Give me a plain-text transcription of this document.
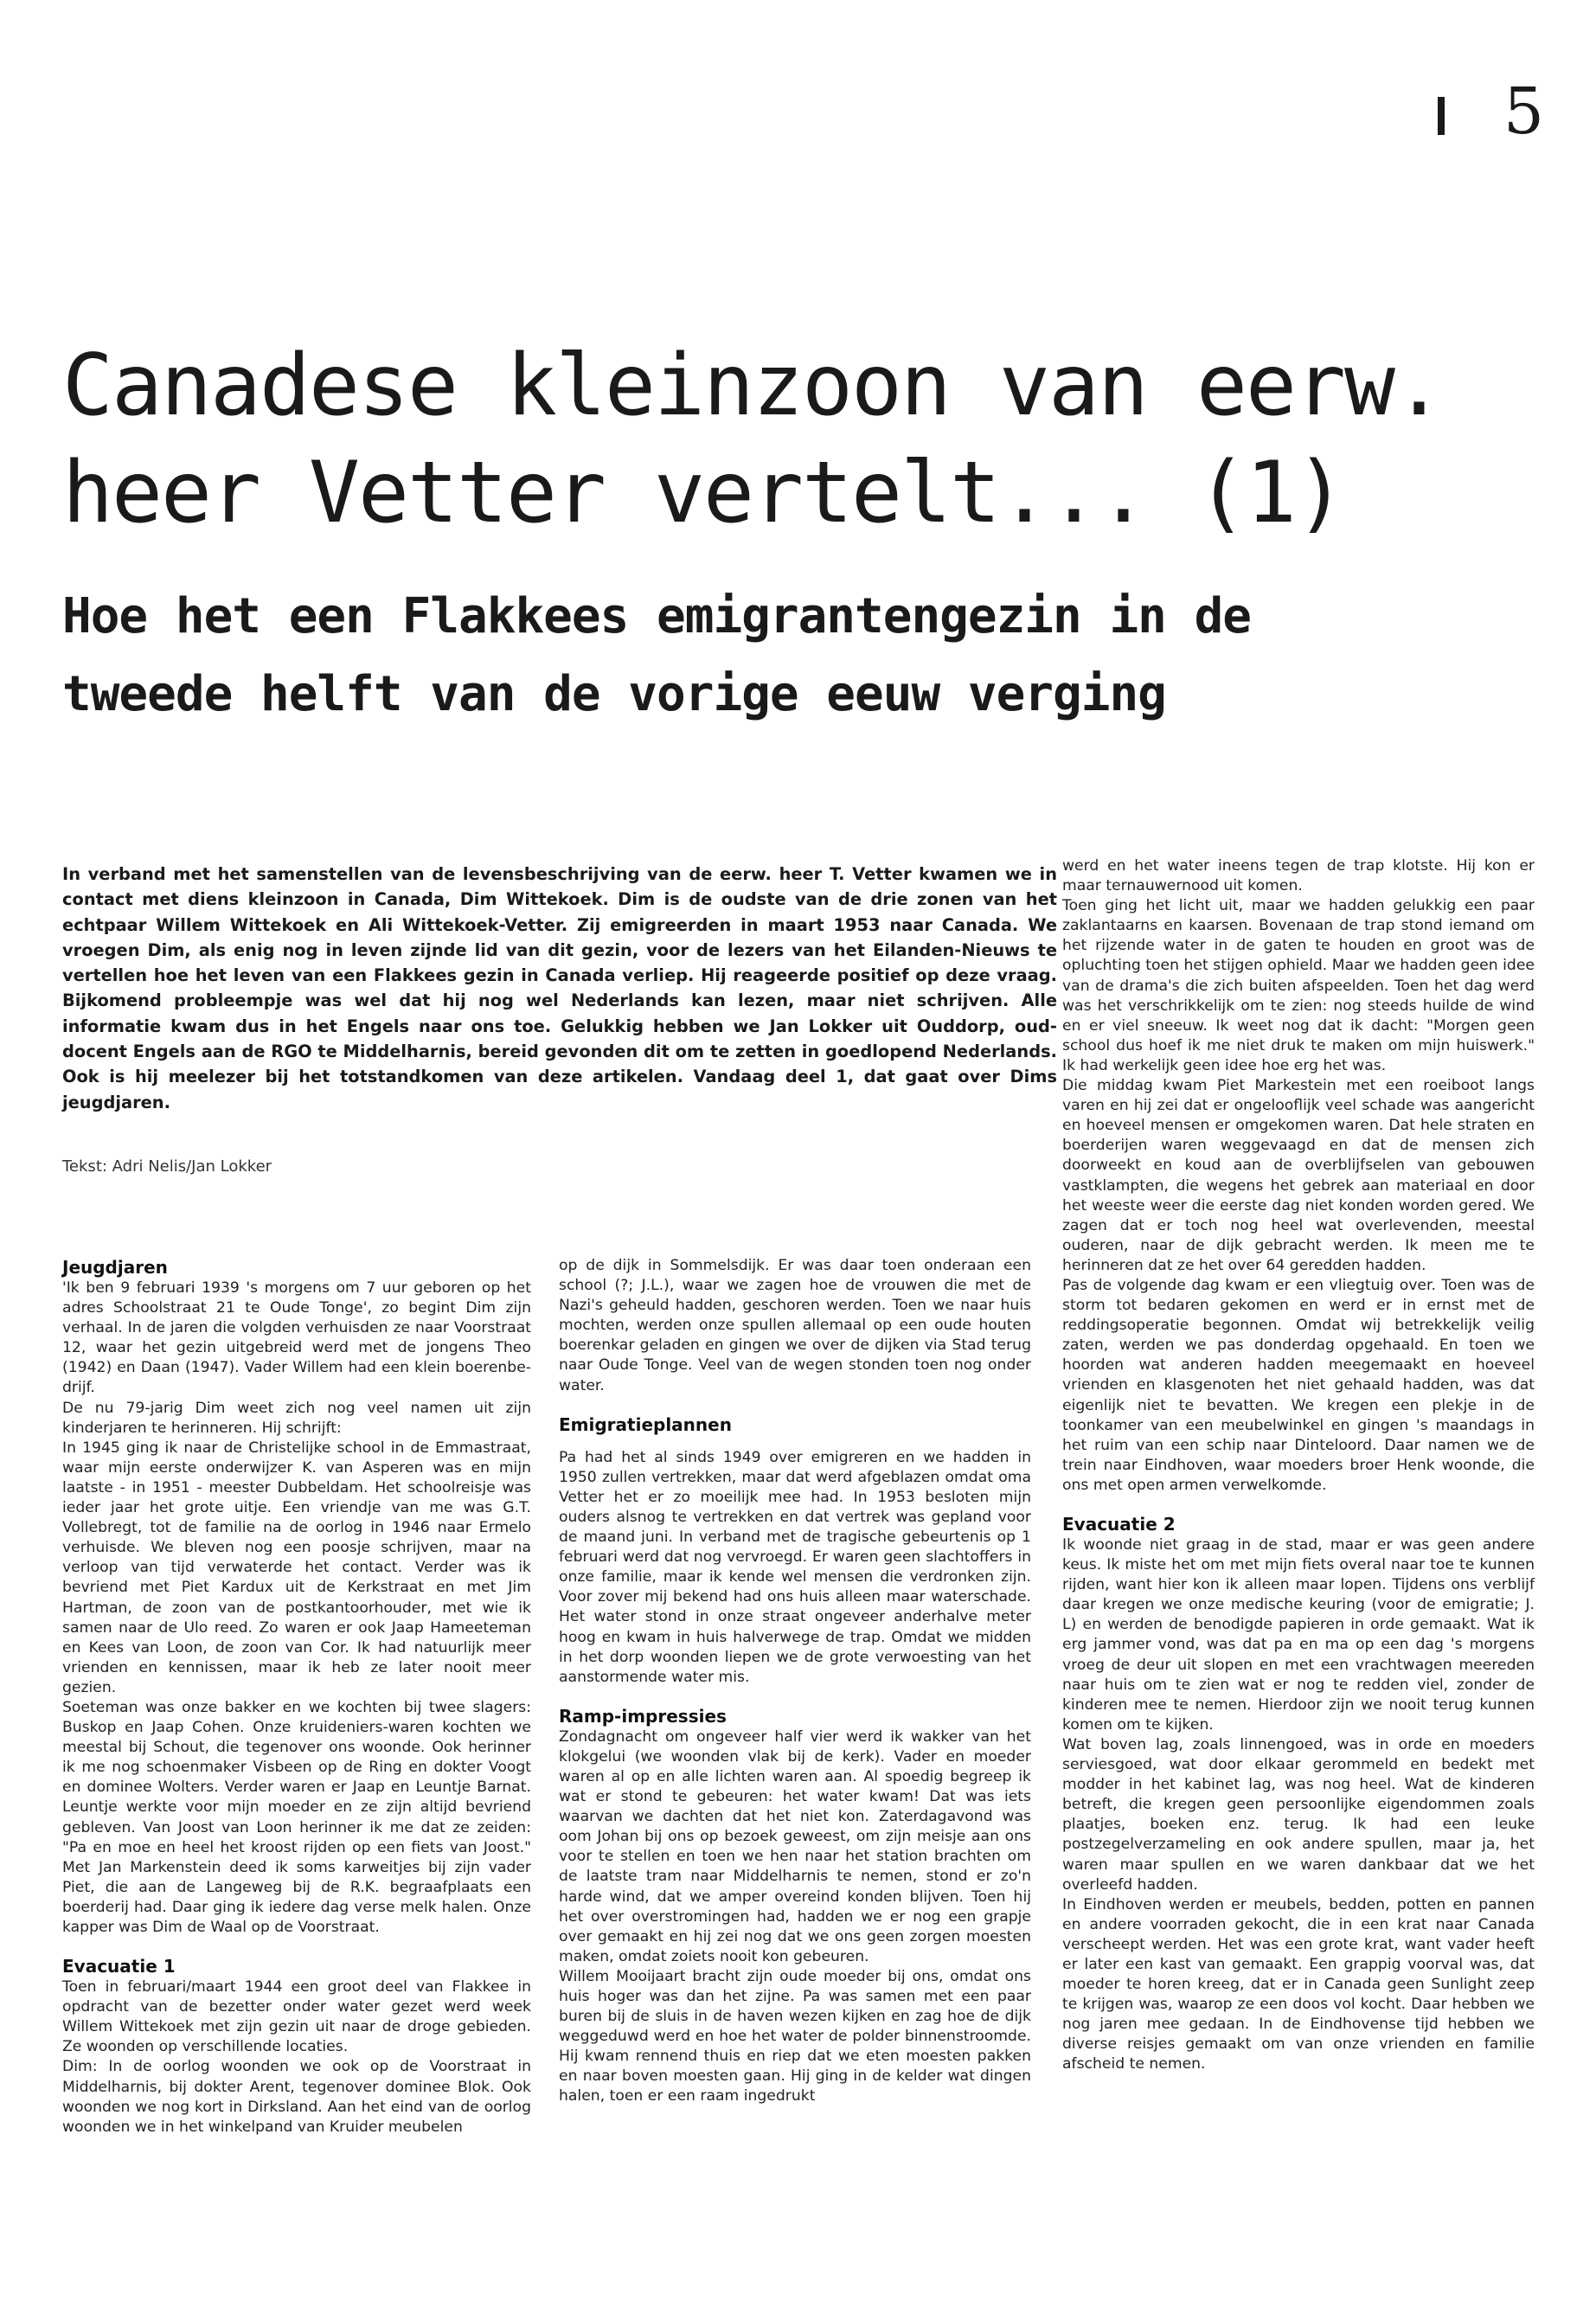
5
Canadese kleinzoon van eerw.
heer Vetter vertelt... (1)
Hoe het een Flakkees emigrantengezin in de
tweede helft van de vorige eeuw verging

In verband met het samenstellen van de levensbeschrijving van de eerw. heer T. Vetter kwamen we in contact met diens kleinzoon in Canada, Dim Wittekoek. Dim is de oudste van de drie zonen van het echtpaar Willem Wittekoek en Ali Wittekoek-Vetter. Zij emigreerden in maart 1953 naar Canada. We vroegen Dim, als enig nog in leven zijnde lid van dit gezin, voor de lezers van het Eilanden-Nieuws te vertellen hoe het leven van een Flakkees gezin in Canada verliep. Hij reageerde positief op deze vraag. Bijkomend probleempje was wel dat hij nog wel Nederlands kan lezen, maar niet schrijven. Alle informatie kwam dus in het Engels naar ons toe. Gelukkig hebben we Jan Lokker uit Ouddorp, oud-docent Engels aan de RGO te Middelharnis, bereid gevonden dit om te zetten in goedlopend Nederlands. Ook is hij meelezer bij het totstandkomen van deze artikelen. Vandaag deel 1, dat gaat over Dims jeugdjaren.

Tekst: Adri Nelis/Jan Lokker
Jeugdjaren

'Ik ben 9 februari 1939 's morgens om 7 uur geboren op het adres Schoolstraat 21 te Oude Tonge', zo begint Dim zijn verhaal. In de jaren die volgden verhuisden ze naar Voorstraat 12, waar het gezin uitgebreid werd met de jongens Theo (1942) en Daan (1947). Vader Willem had een klein boerenbe-drijf.

De nu 79-jarig Dim weet zich nog veel namen uit zijn kinderjaren te herinneren. Hij schrijft:

In 1945 ging ik naar de Christelijke school in de Emmastraat, waar mijn eerste onderwijzer K. van Asperen was en mijn laatste - in 1951 - meester Dubbeldam. Het schoolreisje was ieder jaar het grote uitje. Een vriendje van me was G.T. Vollebregt, tot de familie na de oorlog in 1946 naar Ermelo verhuisde. We bleven nog een poosje schrijven, maar na verloop van tijd verwaterde het contact. Verder was ik bevriend met Piet Kardux uit de Kerkstraat en met Jim Hartman, de zoon van de postkantoorhouder, met wie ik samen naar de Ulo reed. Zo waren er ook Jaap Hameeteman en Kees van Loon, de zoon van Cor. Ik had natuurlijk meer vrienden en kennissen, maar ik heb ze later nooit meer gezien.

Soeteman was onze bakker en we kochten bij twee slagers: Buskop en Jaap Cohen. Onze kruideniers-waren kochten we meestal bij Schout, die tegenover ons woonde. Ook herinner ik me nog schoenmaker Visbeen op de Ring en dokter Voogt en dominee Wolters. Verder waren er Jaap en Leuntje Barnat. Leuntje werkte voor mijn moeder en ze zijn altijd bevriend gebleven. Van Joost van Loon herinner ik me dat ze zeiden: "Pa en moe en heel het kroost rijden op een fiets van Joost." Met Jan Markenstein deed ik soms karweitjes bij zijn vader Piet, die aan de Langeweg bij de R.K. begraafplaats een boerderij had. Daar ging ik iedere dag verse melk halen. Onze kapper was Dim de Waal op de Voorstraat.

Evacuatie 1

Toen in februari/maart 1944 een groot deel van Flakkee in opdracht van de bezetter onder water gezet werd week Willem Wittekoek met zijn gezin uit naar de droge gebieden. Ze woonden op verschillende locaties.

Dim: In de oorlog woonden we ook op de Voorstraat in Middelharnis, bij dokter Arent, tegenover dominee Blok. Ook woonden we nog kort in Dirksland. Aan het eind van de oorlog woonden we in het winkelpand van Kruider meubelen

op de dijk in Sommelsdijk. Er was daar toen onderaan een school (?; J.L.), waar we zagen hoe de vrouwen die met de Nazi's geheuld hadden, geschoren werden. Toen we naar huis mochten, werden onze spullen allemaal op een oude houten boerenkar geladen en gingen we over de dijken via Stad terug naar Oude Tonge. Veel van de wegen stonden toen nog onder water.

Emigratieplannen

Pa had het al sinds 1949 over emigreren en we hadden in 1950 zullen vertrekken, maar dat werd afgeblazen omdat oma Vetter het er zo moeilijk mee had. In 1953 besloten mijn ouders alsnog te vertrekken en dat vertrek was gepland voor de maand juni. In verband met de tragische gebeurtenis op 1 februari werd dat nog vervroegd. Er waren geen slachtoffers in onze familie, maar ik kende wel mensen die verdronken zijn. Voor zover mij bekend had ons huis alleen maar waterschade. Het water stond in onze straat ongeveer anderhalve meter hoog en kwam in huis halverwege de trap. Omdat we midden in het dorp woonden liepen we de grote verwoesting van het aanstormende water mis.

Ramp-impressies

Zondagnacht om ongeveer half vier werd ik wakker van het klokgelui (we woonden vlak bij de kerk). Vader en moeder waren al op en alle lichten waren aan. Al spoedig begreep ik wat er stond te gebeuren: het water kwam! Dat was iets waarvan we dachten dat het niet kon. Zaterdagavond was oom Johan bij ons op bezoek geweest, om zijn meisje aan ons voor te stellen en toen we hen naar het station brachten om de laatste tram naar Middelharnis te nemen, stond er zo'n harde wind, dat we amper overeind konden blijven. Toen hij het over overstromingen had, hadden we er nog een grapje over gemaakt en hij zei nog dat we ons geen zorgen moesten maken, omdat zoiets nooit kon gebeuren.

Willem Mooijaart bracht zijn oude moeder bij ons, omdat ons huis hoger was dan het zijne. Pa was samen met een paar buren bij de sluis in de haven wezen kijken en zag hoe de dijk weggeduwd werd en hoe het water de polder binnenstroomde. Hij kwam rennend thuis en riep dat we eten moesten pakken en naar boven moesten gaan. Hij ging in de kelder wat dingen halen, toen er een raam ingedrukt

werd en het water ineens tegen de trap klotste. Hij kon er maar ternauwernood uit komen.

Toen ging het licht uit, maar we hadden gelukkig een paar zaklantaarns en kaarsen. Bovenaan de trap stond iemand om het rijzende water in de gaten te houden en groot was de opluchting toen het stijgen ophield. Maar we hadden geen idee van de drama's die zich buiten afspeelden. Toen het dag werd was het verschrikkelijk om te zien: nog steeds huilde de wind en er viel sneeuw. Ik weet nog dat ik dacht: "Morgen geen school dus hoef ik me niet druk te maken om mijn huiswerk." Ik had werkelijk geen idee hoe erg het was.

Die middag kwam Piet Markestein met een roeiboot langs varen en hij zei dat er ongelooflijk veel schade was aangericht en hoeveel mensen er omgekomen waren. Dat hele straten en boerderijen waren weggevaagd en dat de mensen zich doorweekt en koud aan de overblijfselen van gebouwen vastklampten, die wegens het gebrek aan materiaal en door het weeste weer die eerste dag niet konden worden gered. We zagen dat er toch nog heel wat overlevenden, meestal ouderen, naar de dijk gebracht werden. Ik meen me te herinneren dat ze het over 64 geredden hadden.

Pas de volgende dag kwam er een vliegtuig over. Toen was de storm tot bedaren gekomen en werd er in ernst met de reddingsoperatie begonnen. Omdat wij betrekkelijk veilig zaten, werden we pas donderdag opgehaald. En toen we hoorden wat anderen hadden meegemaakt en hoeveel vrienden en klasgenoten het niet gehaald hadden, was dat eigenlijk niet te bevatten. We kregen een plekje in de toonkamer van een meubelwinkel en gingen 's maandags in het ruim van een schip naar Dinteloord. Daar namen we de trein naar Eindhoven, waar moeders broer Henk woonde, die ons met open armen verwelkomde.

Evacuatie 2

Ik woonde niet graag in de stad, maar er was geen andere keus. Ik miste het om met mijn fiets overal naar toe te kunnen rijden, want hier kon ik alleen maar lopen. Tijdens ons verblijf daar kregen we onze medische keuring (voor de emigratie; J. L) en werden de benodigde papieren in orde gemaakt. Wat ik erg jammer vond, was dat pa en ma op een dag 's morgens vroeg de deur uit slopen en met een vrachtwagen meereden naar huis om te zien wat er nog te redden viel, zonder de kinderen mee te nemen. Hierdoor zijn we nooit terug kunnen komen om te kijken.

Wat boven lag, zoals linnengoed, was in orde en moeders serviesgoed, wat door elkaar gerommeld en bedekt met modder in het kabinet lag, was nog heel. Wat de kinderen betreft, die kregen geen persoonlijke eigendommen zoals plaatjes, boeken enz. terug. Ik had een leuke postzegelverzameling en ook andere spullen, maar ja, het waren maar spullen en we waren dankbaar dat we het overleefd hadden.

In Eindhoven werden er meubels, bedden, potten en pannen en andere voorraden gekocht, die in een krat naar Canada verscheept werden. Het was een grote krat, want vader heeft er later een kast van gemaakt. Een grappig voorval was, dat moeder te horen kreeg, dat er in Canada geen Sunlight zeep te krijgen was, waarop ze een doos vol kocht. Daar hebben we nog jaren mee gedaan. In de Eindhovense tijd hebben we diverse reisjes gemaakt om van onze vrienden en familie afscheid te nemen.
